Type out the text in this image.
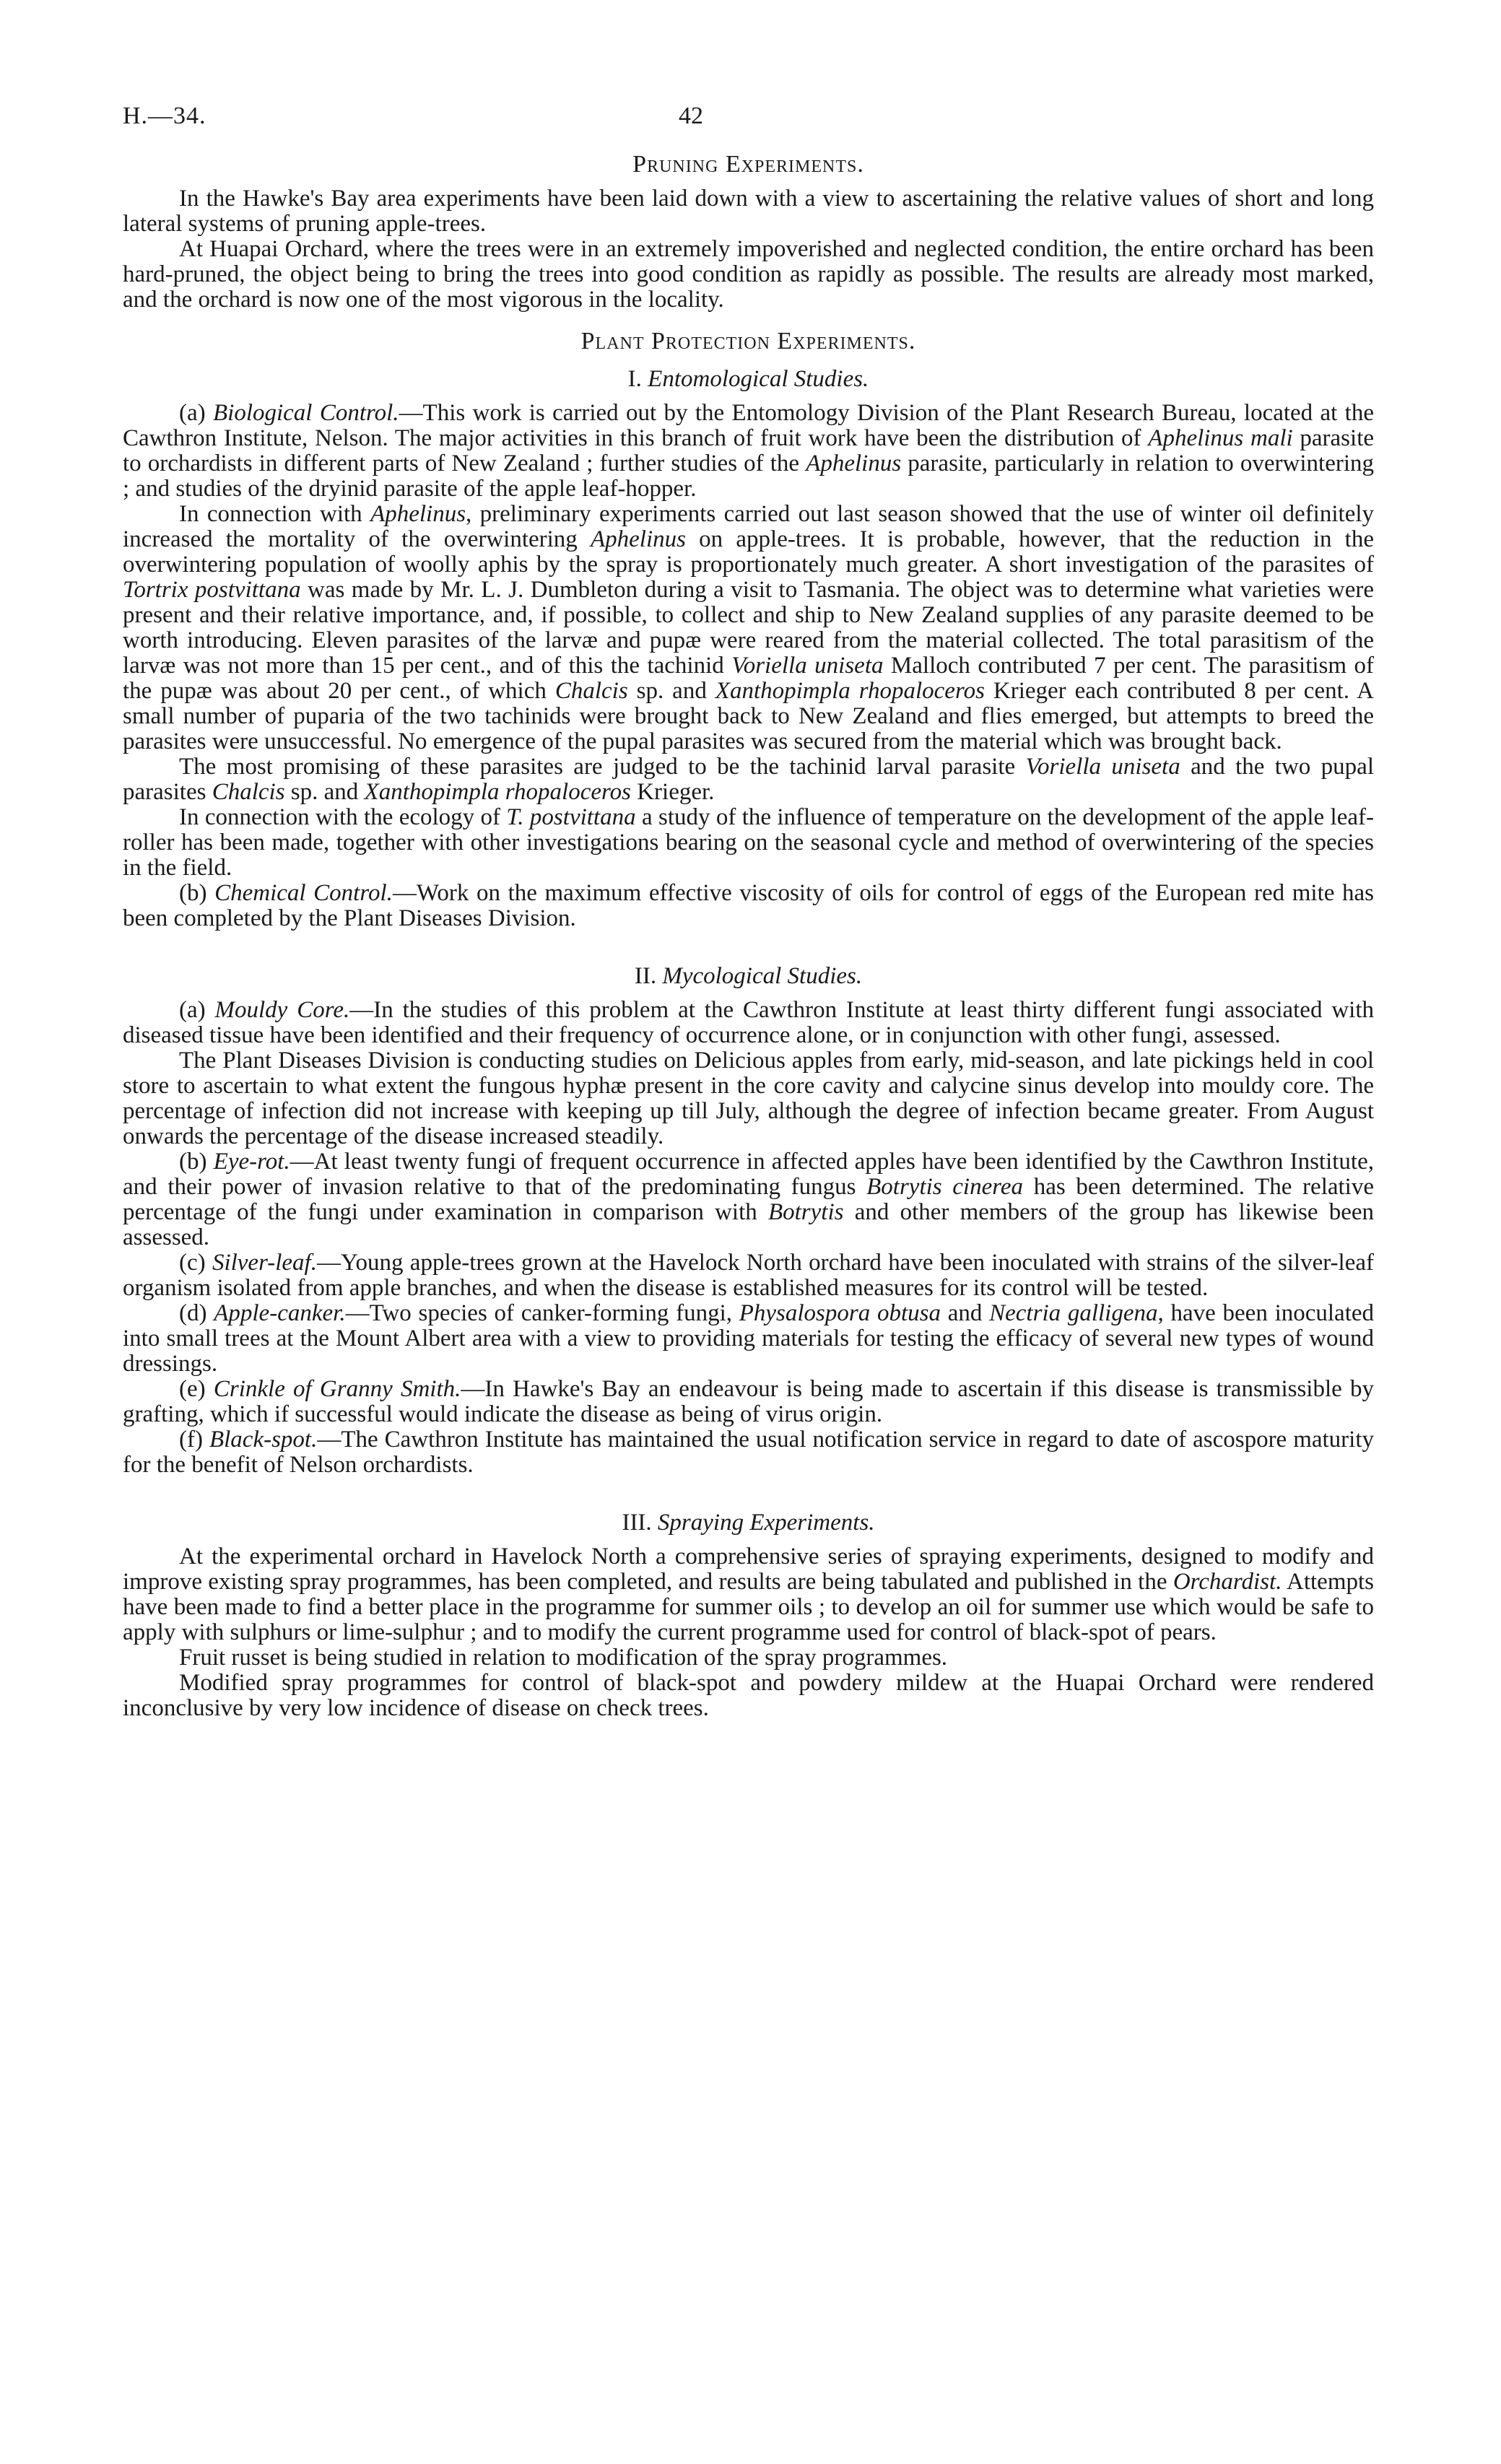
H.—34.	42
Pruning Experiments.

In the Hawke's Bay area experiments have been laid down with a view to ascertaining the relative values of short and long lateral systems of pruning apple-trees.

At Huapai Orchard, where the trees were in an extremely impoverished and neglected condition, the entire orchard has been hard-pruned, the object being to bring the trees into good condition as rapidly as possible. The results are already most marked, and the orchard is now one of the most vigorous in the locality.

Plant Protection Experiments.
I. Entomological Studies.

(a) Biological Control.—This work is carried out by the Entomology Division of the Plant Research Bureau, located at the Cawthron Institute, Nelson. The major activities in this branch of fruit work have been the distribution of Aphelinus mali parasite to orchardists in different parts of New Zealand ; further studies of the Aphelinus parasite, particularly in relation to overwintering ; and studies of the dryinid parasite of the apple leaf-hopper.

In connection with Aphelinus, preliminary experiments carried out last season showed that the use of winter oil definitely increased the mortality of the overwintering Aphelinus on apple-trees. It is probable, however, that the reduction in the overwintering population of woolly aphis by the spray is proportionately much greater. A short investigation of the parasites of Tortrix postvittana was made by Mr. L. J. Dumbleton during a visit to Tasmania. The object was to determine what varieties were present and their relative importance, and, if possible, to collect and ship to New Zealand supplies of any parasite deemed to be worth introducing. Eleven parasites of the larvæ and pupæ were reared from the material collected. The total parasitism of the larvæ was not more than 15 per cent., and of this the tachinid Voriella uniseta Malloch contributed 7 per cent. The parasitism of the pupæ was about 20 per cent., of which Chalcis sp. and Xanthopimpla rhopaloceros Krieger each contributed 8 per cent. A small number of puparia of the two tachinids were brought back to New Zealand and flies emerged, but attempts to breed the parasites were unsuccessful. No emergence of the pupal parasites was secured from the material which was brought back.

The most promising of these parasites are judged to be the tachinid larval parasite Voriella uniseta and the two pupal parasites Chalcis sp. and Xanthopimpla rhopaloceros Krieger.

In connection with the ecology of T. postvittana a study of the influence of temperature on the development of the apple leaf-roller has been made, together with other investigations bearing on the seasonal cycle and method of overwintering of the species in the field.

(b) Chemical Control.—Work on the maximum effective viscosity of oils for control of eggs of the European red mite has been completed by the Plant Diseases Division.

II. Mycological Studies.

(a) Mouldy Core.—In the studies of this problem at the Cawthron Institute at least thirty different fungi associated with diseased tissue have been identified and their frequency of occurrence alone, or in conjunction with other fungi, assessed.

The Plant Diseases Division is conducting studies on Delicious apples from early, mid-season, and late pickings held in cool store to ascertain to what extent the fungous hyphæ present in the core cavity and calycine sinus develop into mouldy core. The percentage of infection did not increase with keeping up till July, although the degree of infection became greater. From August onwards the percentage of the disease increased steadily.

(b) Eye-rot.—At least twenty fungi of frequent occurrence in affected apples have been identified by the Cawthron Institute, and their power of invasion relative to that of the predominating fungus Botrytis cinerea has been determined. The relative percentage of the fungi under examination in comparison with Botrytis and other members of the group has likewise been assessed.

(c) Silver-leaf.—Young apple-trees grown at the Havelock North orchard have been inoculated with strains of the silver-leaf organism isolated from apple branches, and when the disease is established measures for its control will be tested.

(d) Apple-canker.—Two species of canker-forming fungi, Physalospora obtusa and Nectria galligena, have been inoculated into small trees at the Mount Albert area with a view to providing materials for testing the efficacy of several new types of wound dressings.

(e) Crinkle of Granny Smith.—In Hawke's Bay an endeavour is being made to ascertain if this disease is transmissible by grafting, which if successful would indicate the disease as being of virus origin.

(f) Black-spot.—The Cawthron Institute has maintained the usual notification service in regard to date of ascospore maturity for the benefit of Nelson orchardists.

III. Spraying Experiments.

At the experimental orchard in Havelock North a comprehensive series of spraying experiments, designed to modify and improve existing spray programmes, has been completed, and results are being tabulated and published in the Orchardist. Attempts have been made to find a better place in the programme for summer oils ; to develop an oil for summer use which would be safe to apply with sulphurs or lime-sulphur ; and to modify the current programme used for control of black-spot of pears.

Fruit russet is being studied in relation to modification of the spray programmes.

Modified spray programmes for control of black-spot and powdery mildew at the Huapai Orchard were rendered inconclusive by very low incidence of disease on check trees.
